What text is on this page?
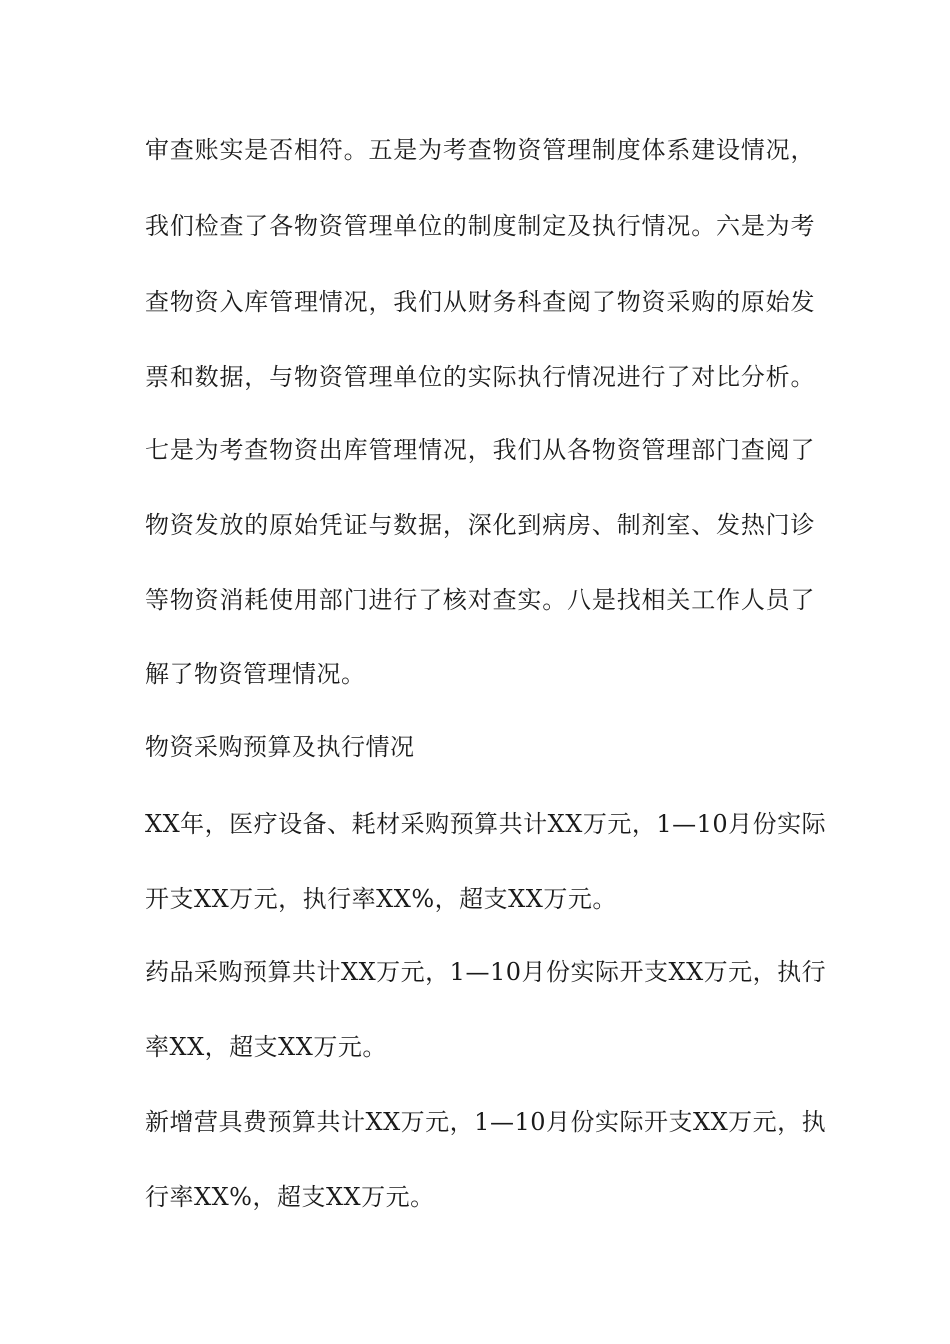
审查账实是否相符。五是为考查物资管理制度体系建设情况，
我们检查了各物资管理单位的制度制定及执行情况。六是为考
查物资入库管理情况，我们从财务科查阅了物资采购的原始发
票和数据，与物资管理单位的实际执行情况进行了对比分析。
七是为考查物资出库管理情况，我们从各物资管理部门查阅了
物资发放的原始凭证与数据，深化到病房、制剂室、发热门诊
等物资消耗使用部门进行了核对查实。八是找相关工作人员了
解了物资管理情况。
物资采购预算及执行情况
XX年，医疗设备、耗材采购预算共计XX万元，1—10月份实际
开支XX万元，执行率XX%，超支XX万元。
药品采购预算共计XX万元，1—10月份实际开支XX万元，执行
率XX，超支XX万元。
新增营具费预算共计XX万元，1—10月份实际开支XX万元，执
行率XX%，超支XX万元。
